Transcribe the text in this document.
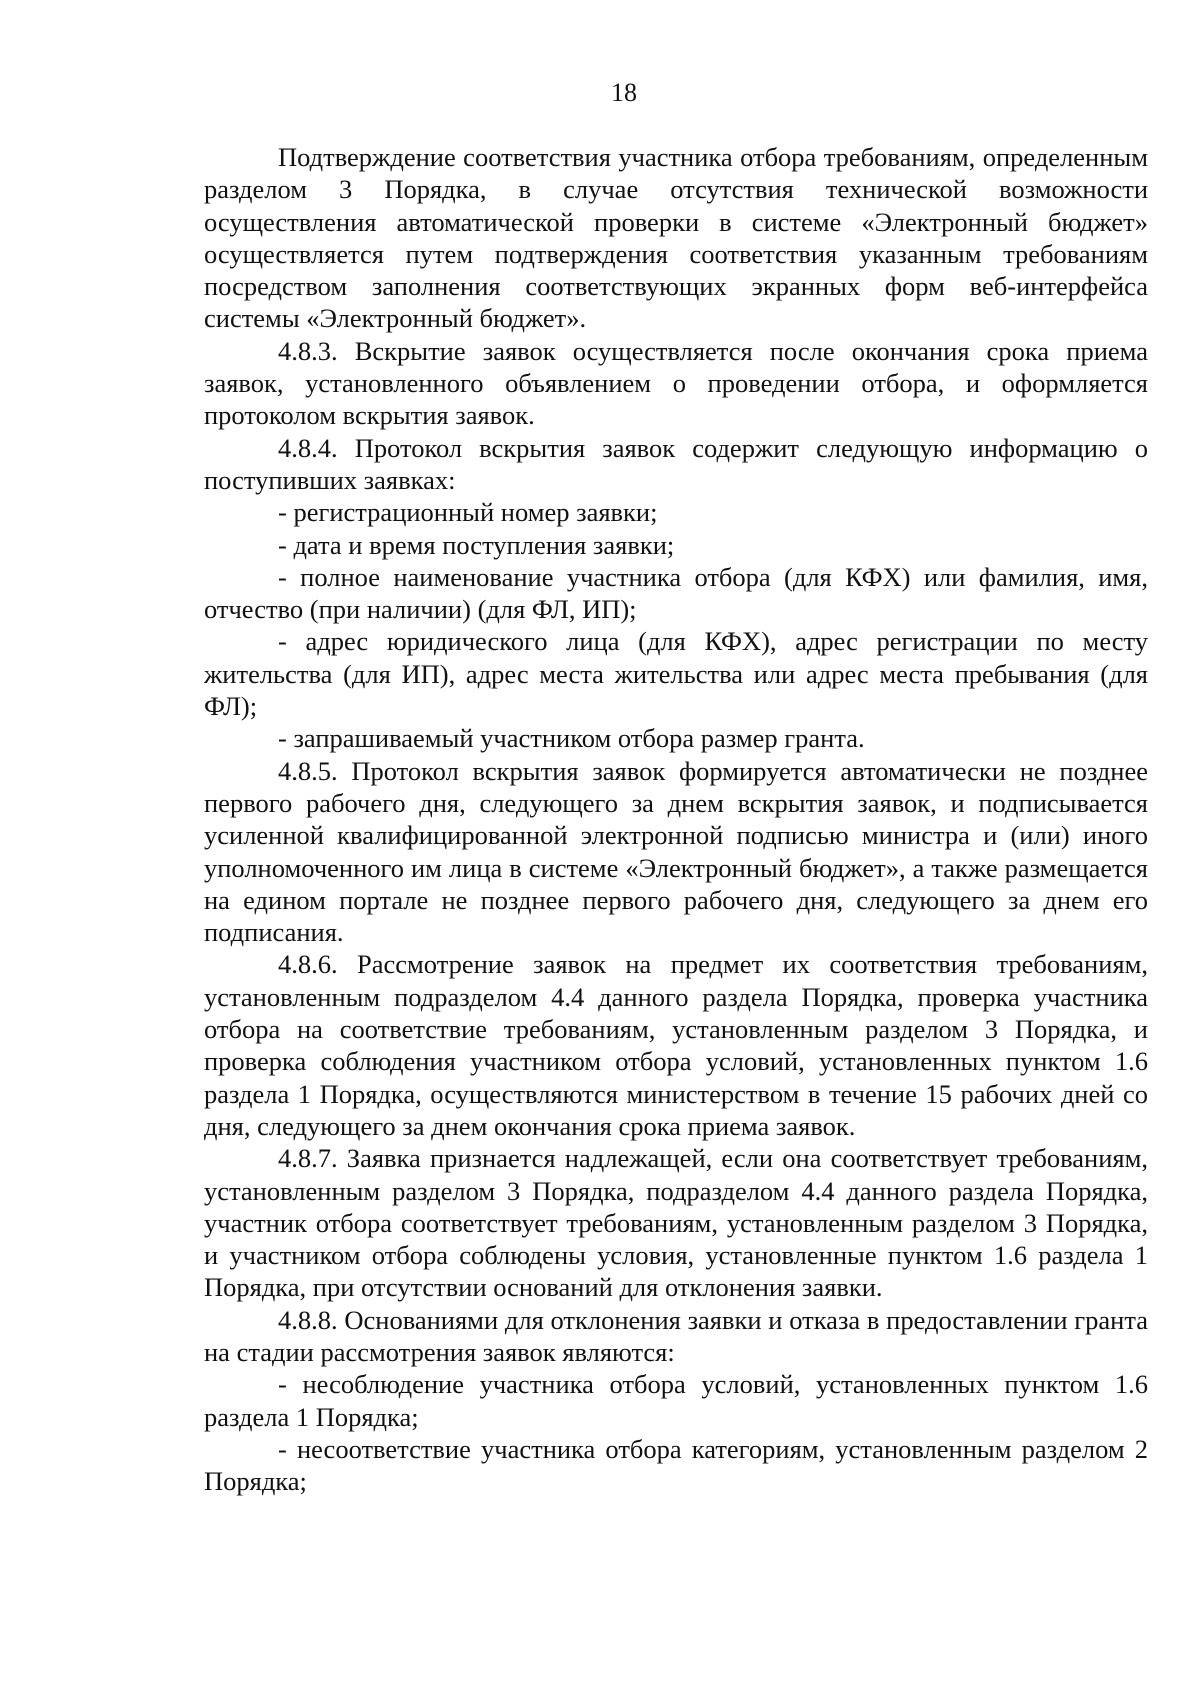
18

Подтверждение соответствия участника отбора требованиям, определенным разделом 3 Порядка, в случае отсутствия технической возможности осуществления автоматической проверки в системе «Электронный бюджет» осуществляется путем подтверждения соответствия указанным требованиям посредством заполнения соответствующих экранных форм веб-интерфейса системы «Электронный бюджет».

4.8.3. Вскрытие заявок осуществляется после окончания срока приема заявок, установленного объявлением о проведении отбора, и оформляется протоколом вскрытия заявок.

4.8.4. Протокол вскрытия заявок содержит следующую информацию о поступивших заявках:

- регистрационный номер заявки;

- дата и время поступления заявки;

- полное наименование участника отбора (для КФХ) или фамилия, имя, отчество (при наличии) (для ФЛ, ИП);

- адрес юридического лица (для КФХ), адрес регистрации по месту жительства (для ИП), адрес места жительства или адрес места пребывания (для ФЛ);

- запрашиваемый участником отбора размер гранта.

4.8.5. Протокол вскрытия заявок формируется автоматически не позднее первого рабочего дня, следующего за днем вскрытия заявок, и подписывается усиленной квалифицированной электронной подписью министра и (или) иного уполномоченного им лица в системе «Электронный бюджет», а также размещается на едином портале не позднее первого рабочего дня, следующего за днем его подписания.

4.8.6. Рассмотрение заявок на предмет их соответствия требованиям, установленным подразделом 4.4 данного раздела Порядка, проверка участника отбора на соответствие требованиям, установленным разделом 3 Порядка, и проверка соблюдения участником отбора условий, установленных пунктом 1.6 раздела 1 Порядка, осуществляются министерством в течение 15 рабочих дней со дня, следующего за днем окончания срока приема заявок.

4.8.7. Заявка признается надлежащей, если она соответствует требованиям, установленным разделом 3 Порядка, подразделом 4.4 данного раздела Порядка, участник отбора соответствует требованиям, установленным разделом 3 Порядка, и участником отбора соблюдены условия, установленные пунктом 1.6 раздела 1 Порядка, при отсутствии оснований для отклонения заявки.

4.8.8. Основаниями для отклонения заявки и отказа в предоставлении гранта на стадии рассмотрения заявок являются:

- несоблюдение участника отбора условий, установленных пунктом 1.6 раздела 1 Порядка;

- несоответствие участника отбора категориям, установленным разделом 2 Порядка;
